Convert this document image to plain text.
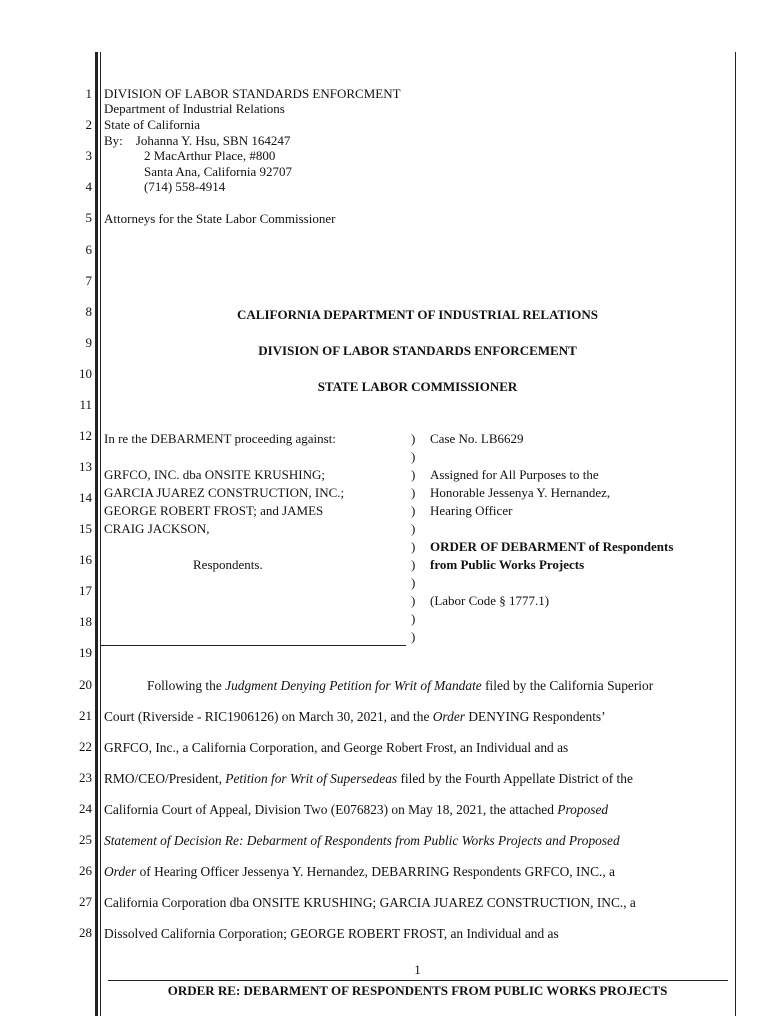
1
2
3
4
5
6
7
8
9
10
11
12
13
14
15
16
17
18
19
20
21
22
23
24
25
26
27
28
DIVISION OF LABOR STANDARDS ENFORCMENT
Department of Industrial Relations
State of California
By:    Johanna Y. Hsu, SBN 164247
2 MacArthur Place, #800
Santa Ana, California 92707
(714) 558-4914
Attorneys for the State Labor Commissioner
CALIFORNIA DEPARTMENT OF INDUSTRIAL RELATIONS
DIVISION OF LABOR STANDARDS ENFORCEMENT
STATE LABOR COMMISSIONER
In re the DEBARMENT proceeding against:
GRFCO, INC. dba ONSITE KRUSHING;
GARCIA JUAREZ CONSTRUCTION, INC.;
GEORGE ROBERT FROST; and JAMES
CRAIG JACKSON,
Respondents.
)
)
)
)
)
)
)
)
)
)
)
)
Case No. LB6629
Assigned for All Purposes to the
Honorable Jessenya Y. Hernandez,
Hearing Officer
ORDER OF DEBARMENT of Respondents
from Public Works Projects
(Labor Code § 1777.1)
Following the Judgment Denying Petition for Writ of Mandate filed by the California Superior
Court (Riverside - RIC1906126) on March 30, 2021, and the Order DENYING Respondents’
GRFCO, Inc., a California Corporation, and George Robert Frost, an Individual and as
RMO/CEO/President, Petition for Writ of Supersedeas filed by the Fourth Appellate District of the
California Court of Appeal, Division Two (E076823) on May 18, 2021, the attached Proposed
Statement of Decision Re: Debarment of Respondents from Public Works Projects and Proposed
Order of Hearing Officer Jessenya Y. Hernandez, DEBARRING Respondents GRFCO, INC., a
California Corporation dba ONSITE KRUSHING; GARCIA JUAREZ CONSTRUCTION, INC., a
Dissolved California Corporation; GEORGE ROBERT FROST, an Individual and as
1
ORDER RE: DEBARMENT OF RESPONDENTS FROM PUBLIC WORKS PROJECTS
